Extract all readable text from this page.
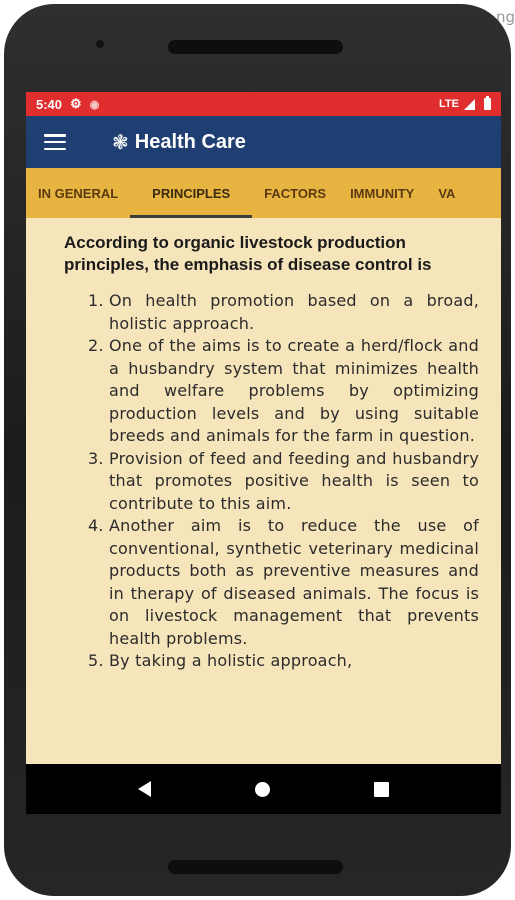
ng
5:40 ⚙ ◉	LTE
❃ Health Care
IN GENERAL	PRINCIPLES	FACTORS	IMMUNITY	VA

According to organic livestock production principles, the emphasis of disease control is

1. On health promotion based on a broad, holistic approach.
2. One of the aims is to create a herd/flock and a husbandry system that minimizes health and welfare problems by optimizing production levels and by using suitable breeds and animals for the farm in question.
3. Provision of feed and feeding and husbandry that promotes positive health is seen to contribute to this aim.
4. Another aim is to reduce the use of conventional, synthetic veterinary medicinal products both as preventive measures and in therapy of diseased animals. The focus is on livestock management that prevents health problems.
5. By taking a holistic approach,
